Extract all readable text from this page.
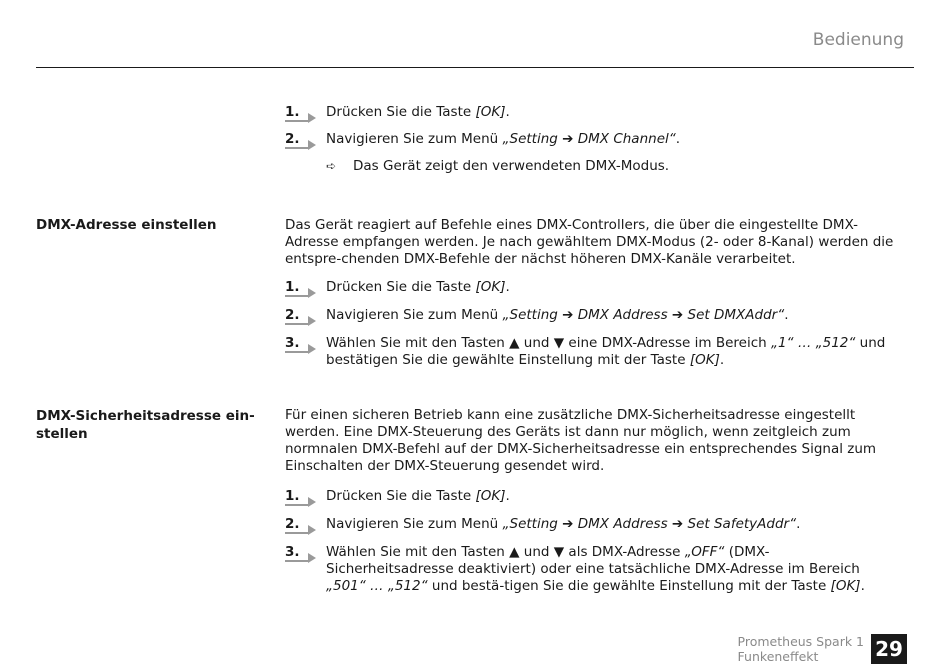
Bedienung
1. Drücken Sie die Taste [OK].
2. Navigieren Sie zum Menü „Setting ➔ DMX Channel“.
➪ Das Gerät zeigt den verwendeten DMX-Modus.
DMX-Adresse einstellen	Das Gerät reagiert auf Befehle eines DMX-Controllers, die über die eingestellte DMX-Adresse empfangen werden. Je nach gewähltem DMX-Modus (2- oder 8-Kanal) werden die entspre-chenden DMX-Befehle der nächst höheren DMX-Kanäle verarbeitet.
1. Drücken Sie die Taste [OK].
2. Navigieren Sie zum Menü „Setting ➔ DMX Address ➔ Set DMXAddr“.
3. Wählen Sie mit den Tasten ▲ und ▼ eine DMX-Adresse im Bereich „1“ … „512“ und bestätigen Sie die gewählte Einstellung mit der Taste [OK].
DMX-Sicherheitsadresse ein-stellen
Für einen sicheren Betrieb kann eine zusätzliche DMX-Sicherheitsadresse eingestellt werden. Eine DMX-Steuerung des Geräts ist dann nur möglich, wenn zeitgleich zum normnalen DMX-Befehl auf der DMX-Sicherheitsadresse ein entsprechendes Signal zum Einschalten der DMX-Steuerung gesendet wird.
1. Drücken Sie die Taste [OK].
2. Navigieren Sie zum Menü „Setting ➔ DMX Address ➔ Set SafetyAddr“.
3. Wählen Sie mit den Tasten ▲ und ▼ als DMX-Adresse „OFF“ (DMX-Sicherheitsadresse deaktiviert) oder eine tatsächliche DMX-Adresse im Bereich „501“ … „512“ und bestä-tigen Sie die gewählte Einstellung mit der Taste [OK].
Prometheus Spark 1
Funkeneffekt	29
